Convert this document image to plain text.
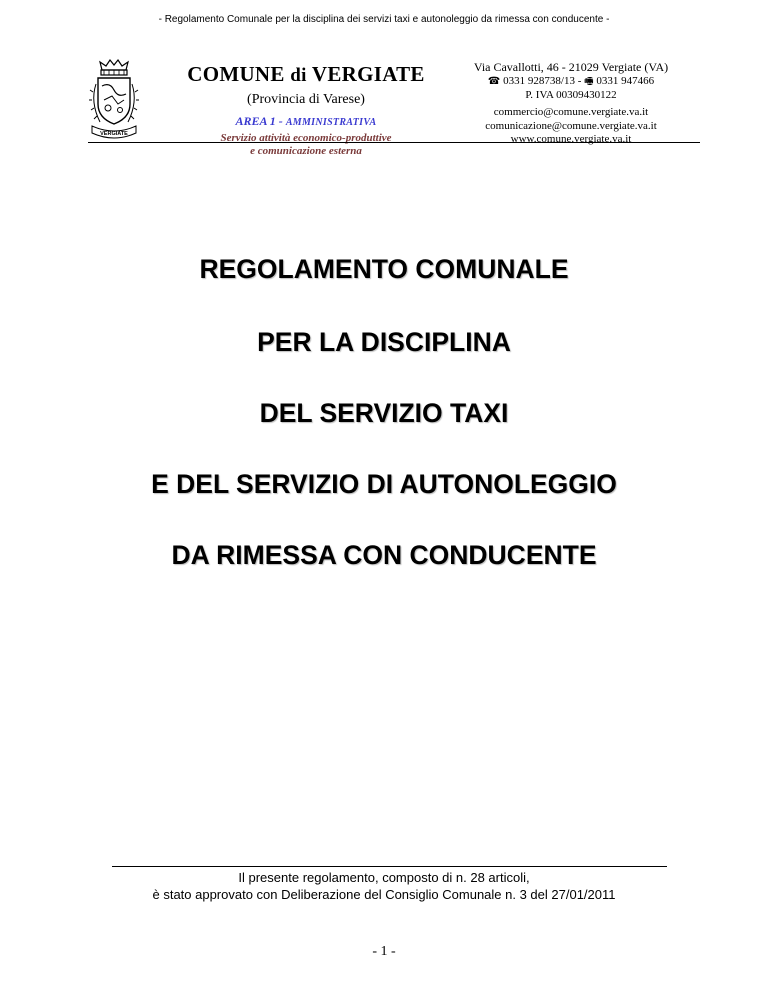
- Regolamento Comunale per la disciplina dei servizi taxi e autonoleggio da rimessa con conducente -
VERGIATE
COMUNE di VERGIATE
(Provincia di Varese)
AREA 1 - AMMINISTRATIVA
Servizio attività economico-produttive
e comunicazione esterna
Via Cavallotti, 46 - 21029 Vergiate (VA)
☎ 0331 928738/13 - 🖷 0331 947466
P. IVA 00309430122
commercio@comune.vergiate.va.it
comunicazione@comune.vergiate.va.it
www.comune.vergiate.va.it
REGOLAMENTO COMUNALE
PER LA DISCIPLINA
DEL SERVIZIO TAXI
E DEL SERVIZIO DI AUTONOLEGGIO
DA RIMESSA CON CONDUCENTE
Il presente regolamento, composto di n. 28 articoli,
è stato approvato con Deliberazione del Consiglio Comunale n. 3 del 27/01/2011
- 1 -
